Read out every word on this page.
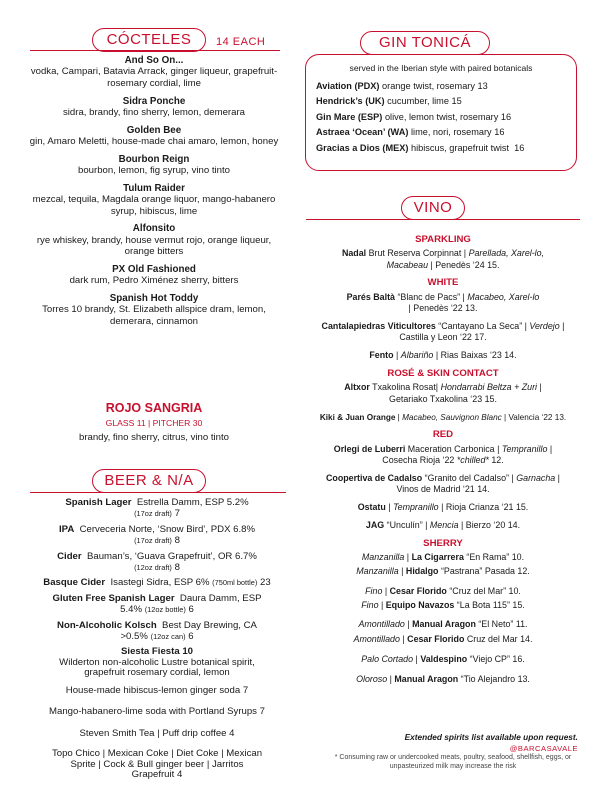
CÓCTELES	14 EACH
And So On...
vodka, Campari, Batavia Arrack, ginger liqueur, grapefruit-rosemary cordial, lime
Sidra Ponche
sidra, brandy, fino sherry, lemon, demerara
Golden Bee
gin, Amaro Meletti, house-made chai amaro, lemon, honey
Bourbon Reign
bourbon, lemon, fig syrup, vino tinto
Tulum Raider
mezcal, tequila, Magdala orange liquor, mango-habanero syrup, hibiscus, lime
Alfonsito
rye whiskey, brandy, house vermut rojo, orange liqueur, orange bitters
PX Old Fashioned
dark rum, Pedro Ximénez sherry, bitters
Spanish Hot Toddy
Torres 10 brandy, St. Elizabeth allspice dram, lemon, demerara, cinnamon
ROJO SANGRIA
GLASS 11 | PITCHER 30
brandy, fino sherry, citrus, vino tinto
BEER & N/A
Spanish Lager Estrella Damm, ESP 5.2%
(17oz draft) 7
IPA Cerveceria Norte, ‘Snow Bird’, PDX 6.8%
(17oz draft) 8
Cider Bauman’s, ‘Guava Grapefruit’, OR 6.7%
(12oz draft) 8
Basque Cider Isastegi Sidra, ESP 6% (750ml bottle) 23
Gluten Free Spanish Lager Daura Damm, ESP
5.4% (12oz bottle) 6
Non-Alcoholic Kolsch Best Day Brewing, CA
>0.5% (12oz can) 6
Siesta Fiesta 10
Wilderton non-alcoholic Lustre botanical spirit, grapefruit rosemary cordial, lemon
House-made hibiscus-lemon ginger soda 7
Mango-habanero-lime soda with Portland Syrups 7
Steven Smith Tea | Puff drip coffee 4
Topo Chico | Mexican Coke | Diet Coke | Mexican Sprite | Cock & Bull ginger beer | Jarritos Grapefruit 4
GIN TONICÁ
served in the Iberian style with paired botanicals
Aviation (PDX) orange twist, rosemary 13
Hendrick’s (UK) cucumber, lime 15
Gin Mare (ESP) olive, lemon twist, rosemary 16
Astraea ‘Ocean’ (WA) lime, nori, rosemary 16
Gracias a Dios (MEX) hibiscus, grapefruit twist 16
VINO
SPARKLING
Nadal Brut Reserva Corpinnat | Parellada, Xarel-lo, Macabeau | Penedès ‘24 15.
WHITE
Parés Baltà “Blanc de Pacs” | Macabeo, Xarel-lo | Penedès ‘22 13.
Cantalapiedras Viticultores “Cantayano La Seca” | Verdejo | Castilla y Leon ‘22 17.
Fento | Albariño | Rias Baixas ‘23 14.
ROSÉ & SKIN CONTACT
Altxor Txakolina Rosat| Hondarrabi Beltza + Zuri | Getariako Txakolina ‘23 15.
Kiki & Juan Orange | Macabeo, Sauvignon Blanc | Valencia ‘22 13.
RED
Orlegi de Luberri Maceration Carbonica | Tempranillo | Cosecha Rioja ‘22 *chilled* 12.
Coopertiva de Cadalso “Granito del Cadalso” | Garnacha | Vinos de Madrid ‘21 14.
Ostatu | Tempranillo | Rioja Crianza ‘21 15.
JAG “Unculín” | Mencia | Bierzo ‘20 14.
SHERRY
Manzanilla | La Cigarrera “En Rama” 10.
Manzanilla | Hidalgo “Pastrana” Pasada 12.
Fino | Cesar Florido “Cruz del Mar” 10.
Fino | Equipo Navazos “La Bota 115” 15.
Amontillado | Manual Aragon “El Neto” 11.
Amontillado | Cesar Florido Cruz del Mar 14.
Palo Cortado | Valdespino “Viejo CP” 16.
Oloroso | Manual Aragon “Tio Alejandro 13.
Extended spirits list available upon request.
@BARCASAVALE
* Consuming raw or undercooked meats, poultry, seafood, shellfish, eggs, or unpasteurized milk may increase the risk
